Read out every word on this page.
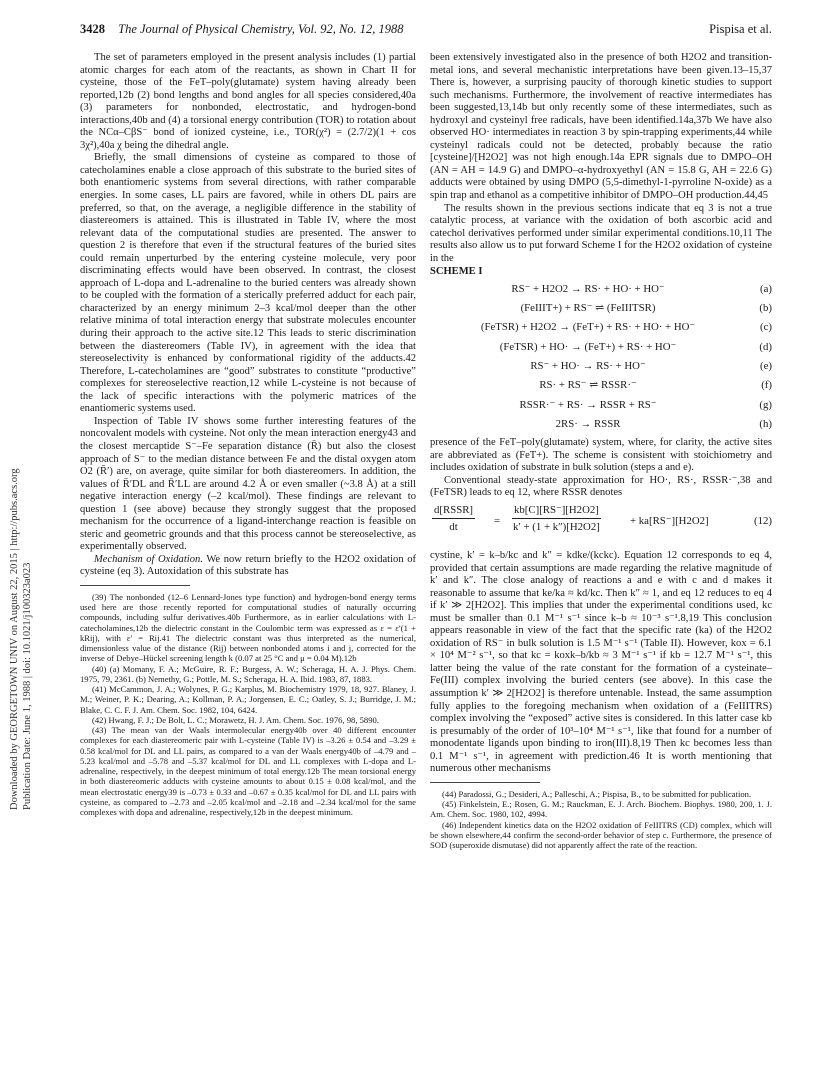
Downloaded by GEORGETOWN UNIV on August 22, 2015 | http://pubs.acs.org Publication Date: June 1, 1988 | doi: 10.1021/j100323a023
3428 The Journal of Physical Chemistry, Vol. 92, No. 12, 1988	Pispisa et al.

The set of parameters employed in the present analysis includes (1) partial atomic charges for each atom of the reactants, as shown in Chart II for cysteine, those of the FeT–poly(glutamate) system having already been reported,12b (2) bond lengths and bond angles for all species considered,40a (3) parameters for nonbonded, electrostatic, and hydrogen-bond interactions,40b and (4) a torsional energy contribution (TOR) to rotation about the NCα–CβS⁻ bond of ionized cysteine, i.e., TOR(χ²) = (2.7/2)(1 + cos 3χ²),40a χ being the dihedral angle.

Briefly, the small dimensions of cysteine as compared to those of catecholamines enable a close approach of this substrate to the buried sites of both enantiomeric systems from several directions, with rather comparable energies. In some cases, LL pairs are favored, while in others DL pairs are preferred, so that, on the average, a negligible difference in the stability of diastereomers is attained. This is illustrated in Table IV, where the most relevant data of the computational studies are presented. The answer to question 2 is therefore that even if the structural features of the buried sites could remain unperturbed by the entering cysteine molecule, very poor discriminating effects would have been observed. In contrast, the closest approach of L-dopa and L-adrenaline to the buried centers was already shown to be coupled with the formation of a sterically preferred adduct for each pair, characterized by an energy minimum 2–3 kcal/mol deeper than the other relative minima of total interaction energy that substrate molecules encounter during their approach to the active site.12 This leads to steric discrimination between the diastereomers (Table IV), in agreement with the idea that stereoselectivity is enhanced by conformational rigidity of the adducts.42 Therefore, L-catecholamines are “good” substrates to constitute “productive” complexes for stereoselective reaction,12 while L-cysteine is not because of the lack of specific interactions with the polymeric matrices of the enantiomeric systems used.

Inspection of Table IV shows some further interesting features of the noncovalent models with cysteine. Not only the mean interaction energy43 and the closest mercaptide S⁻–Fe separation distance (R̄) but also the closest approach of S⁻ to the median distance between Fe and the distal oxygen atom O2 (R̄′) are, on average, quite similar for both diastereomers. In addition, the values of R̄′DL and R̄′LL are around 4.2 Å or even smaller (~3.8 Å) at a still negative interaction energy (–2 kcal/mol). These findings are relevant to question 1 (see above) because they strongly suggest that the proposed mechanism for the occurrence of a ligand-interchange reaction is feasible on steric and geometric grounds and that this process cannot be stereoselective, as experimentally observed.

Mechanism of Oxidation. We now return briefly to the H2O2 oxidation of cysteine (eq 3). Autoxidation of this substrate has

(39) The nonbonded (12–6 Lennard-Jones type function) and hydrogen-bond energy terms used here are those recently reported for computational studies of naturally occurring compounds, including sulfur derivatives.40b Furthermore, as in earlier calculations with L-catecholamines,12b the dielectric constant in the Coulombic term was expressed as ε = ε′(1 + kRij), with ε′ = Rij.41 The dielectric constant was thus interpreted as the numerical, dimensionless value of the distance (Rij) between nonbonded atoms i and j, corrected for the inverse of Debye–Hückel screening length k (0.07 at 25 °C and μ = 0.04 M).12b

(40) (a) Momany, F. A.; McGuire, R. F.; Burgess, A. W.; Scheraga, H. A. J. Phys. Chem. 1975, 79, 2361. (b) Nemethy, G.; Pottle, M. S.; Scheraga, H. A. Ibid. 1983, 87, 1883.

(41) McCammon, J. A.; Wolynes, P. G.; Karplus, M. Biochemistry 1979, 18, 927. Blaney, J. M.; Weiner, P. K.; Dearing, A.; Kollman, P. A.; Jorgensen, E. C.; Oatley, S. J.; Burridge, J. M.; Blake, C. C. F. J. Am. Chem. Soc. 1982, 104, 6424.

(42) Hwang, F. J.; De Bolt, L. C.; Morawetz, H. J. Am. Chem. Soc. 1976, 98, 5890.

(43) The mean van der Waals intermolecular energy40b over 40 different encounter complexes for each diastereomeric pair with L-cysteine (Table IV) is –3.26 ± 0.54 and –3.29 ± 0.58 kcal/mol for DL and LL pairs, as compared to a van der Waals energy40b of –4.79 and –5.23 kcal/mol and –5.78 and –5.37 kcal/mol for DL and LL complexes with L-dopa and L-adrenaline, respectively, in the deepest minimum of total energy.12b The mean torsional energy in both diastereomeric adducts with cysteine amounts to about 0.15 ± 0.08 kcal/mol, and the mean electrostatic energy39 is –0.73 ± 0.33 and –0.67 ± 0.35 kcal/mol for DL and LL pairs with cysteine, as compared to –2.73 and –2.05 kcal/mol and –2.18 and –2.34 kcal/mol for the same complexes with dopa and adrenaline, respectively,12b in the deepest minimum.

been extensively investigated also in the presence of both H2O2 and transition-metal ions, and several mechanistic interpretations have been given.13–15,37 There is, however, a surprising paucity of thorough kinetic studies to support such mechanisms. Furthermore, the involvement of reactive intermediates has been suggested,13,14b but only recently some of these intermediates, such as hydroxyl and cysteinyl free radicals, have been identified.14a,37b We have also observed HO· intermediates in reaction 3 by spin-trapping experiments,44 while cysteinyl radicals could not be detected, probably because the ratio [cysteine]/[H2O2] was not high enough.14a EPR signals due to DMPO–OH (AN = AH = 14.9 G) and DMPO–α-hydroxyethyl (AN = 15.8 G, AH = 22.6 G) adducts were obtained by using DMPO (5,5-dimethyl-1-pyrroline N-oxide) as a spin trap and ethanol as a competitive inhibitor of DMPO–OH production.44,45

The results shown in the previous sections indicate that eq 3 is not a true catalytic process, at variance with the oxidation of both ascorbic acid and catechol derivatives performed under similar experimental conditions.10,11 The results also allow us to put forward Scheme I for the H2O2 oxidation of cysteine in the

SCHEME I
RS⁻ + H2O2 → RS· + HO· + HO⁻	(a)
(FeIIIT+) + RS⁻ ⇌ (FeIIITSR)	(b)
(FeTSR) + H2O2 → (FeT+) + RS· + HO· + HO⁻	(c)
(FeTSR) + HO· → (FeT+) + RS· + HO⁻	(d)
RS⁻ + HO· → RS· + HO⁻	(e)
RS· + RS⁻ ⇌ RSSR·⁻	(f)
RSSR·⁻ + RS· → RSSR + RS⁻	(g)
2RS· → RSSR	(h)

presence of the FeT–poly(glutamate) system, where, for clarity, the active sites are abbreviated as (FeT+). The scheme is consistent with stoichiometry and includes oxidation of substrate in bulk solution (steps a and e).

Conventional steady-state approximation for HO·, RS·, RSSR·⁻,38 and (FeTSR) leads to eq 12, where RSSR denotes

d[RSSR]
dt	= $\frac{kb[C][RS^-][H2O2]}{k' + (1 + k'')[H2O2]}$	+ ka[RS⁻][H2O2]	(12)

cystine, k′ = k–b/kc and k″ = kdke/(kckc). Equation 12 corresponds to eq 4, provided that certain assumptions are made regarding the relative magnitude of k′ and k″. The close analogy of reactions a and e with c and d makes it reasonable to assume that ke/ka ≈ kd/kc. Then k″ ≈ 1, and eq 12 reduces to eq 4 if k′ ≫ 2[H2O2]. This implies that under the experimental conditions used, kc must be smaller than 0.1 M⁻¹ s⁻¹ since k–b ≈ 10⁻³ s⁻¹.8,19 This conclusion appears reasonable in view of the fact that the specific rate (ka) of the H2O2 oxidation of RS⁻ in bulk solution is 1.5 M⁻¹ s⁻¹ (Table II). However, kox = 6.1 × 10⁴ M⁻² s⁻¹, so that kc = koxk–b/kb ≈ 3 M⁻¹ s⁻¹ if kb = 12.7 M⁻¹ s⁻¹, this latter being the value of the rate constant for the formation of a cysteinate–Fe(III) complex involving the buried centers (see above). In this case the assumption k′ ≫ 2[H2O2] is therefore untenable. Instead, the same assumption fully applies to the foregoing mechanism when oxidation of a (FeIIITRS) complex involving the “exposed” active sites is considered. In this latter case kb is presumably of the order of 10³–10⁴ M⁻¹ s⁻¹, like that found for a number of monodentate ligands upon binding to iron(III).8,19 Then kc becomes less than 0.1 M⁻¹ s⁻¹, in agreement with prediction.46 It is worth mentioning that numerous other mechanisms

(44) Paradossi, G.; Desideri, A.; Palleschi, A.; Pispisa, B., to be submitted for publication.

(45) Finkelstein, E.; Rosen, G. M.; Rauckman, E. J. Arch. Biochem. Biophys. 1980, 200, 1. J. Am. Chem. Soc. 1980, 102, 4994.

(46) Independent kinetics data on the H2O2 oxidation of FeIIITRS (CD) complex, which will be shown elsewhere,44 confirm the second-order behavior of step c. Furthermore, the presence of SOD (superoxide dismutase) did not apparently affect the rate of the reaction.
